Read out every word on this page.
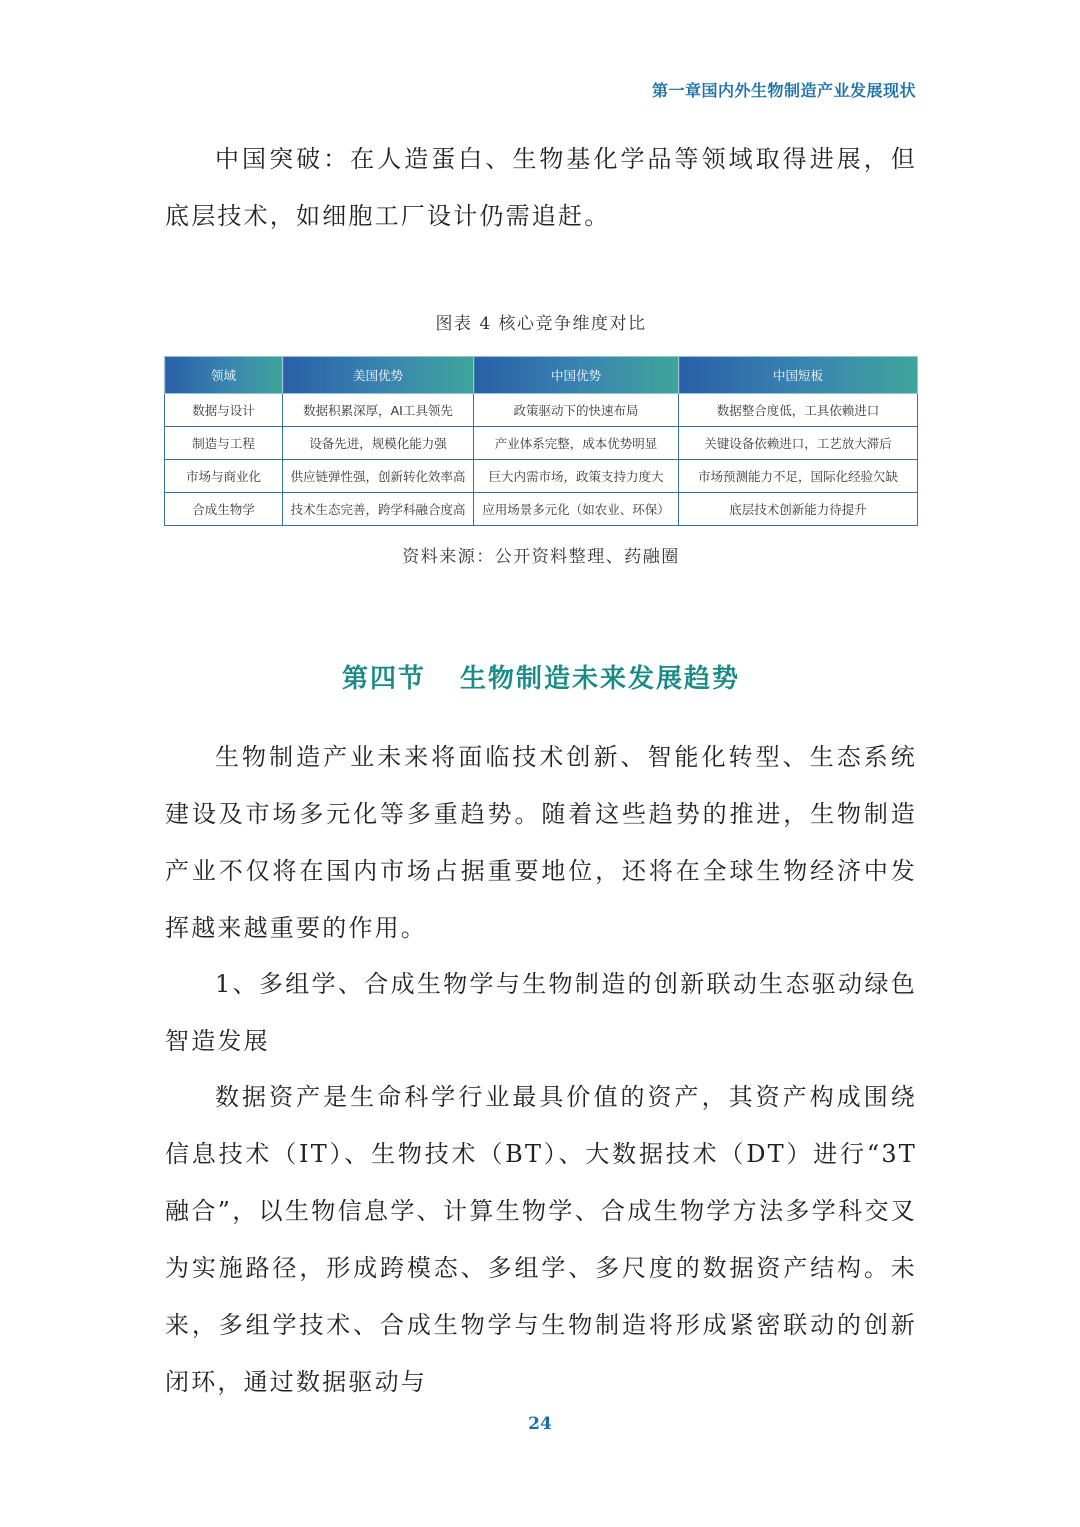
第一章国内外生物制造产业发展现状

中国突破：在人造蛋白、生物基化学品等领域取得进展，但底层技术，如细胞工厂设计仍需追赶。

图表 4 核心竞争维度对比
领域	美国优势	中国优势	中国短板
数据与设计	数据积累深厚，AI工具领先	政策驱动下的快速布局	数据整合度低，工具依赖进口
制造与工程	设备先进，规模化能力强	产业体系完整，成本优势明显	关键设备依赖进口，工艺放大滞后
市场与商业化	供应链弹性强，创新转化效率高	巨大内需市场，政策支持力度大	市场预测能力不足，国际化经验欠缺
合成生物学	技术生态完善，跨学科融合度高	应用场景多元化（如农业、环保）	底层技术创新能力待提升
资料来源：公开资料整理、药融圈
第四节 生物制造未来发展趋势

生物制造产业未来将面临技术创新、智能化转型、生态系统建设及市场多元化等多重趋势。随着这些趋势的推进，生物制造产业不仅将在国内市场占据重要地位，还将在全球生物经济中发挥越来越重要的作用。

1、多组学、合成生物学与生物制造的创新联动生态驱动绿色智造发展

数据资产是生命科学行业最具价值的资产，其资产构成围绕信息技术（IT）、生物技术（BT）、大数据技术（DT）进行“3T 融合”，以生物信息学、计算生物学、合成生物学方法多学科交叉为实施路径，形成跨模态、多组学、多尺度的数据资产结构。未来，多组学技术、合成生物学与生物制造将形成紧密联动的创新闭环，通过数据驱动与

24
